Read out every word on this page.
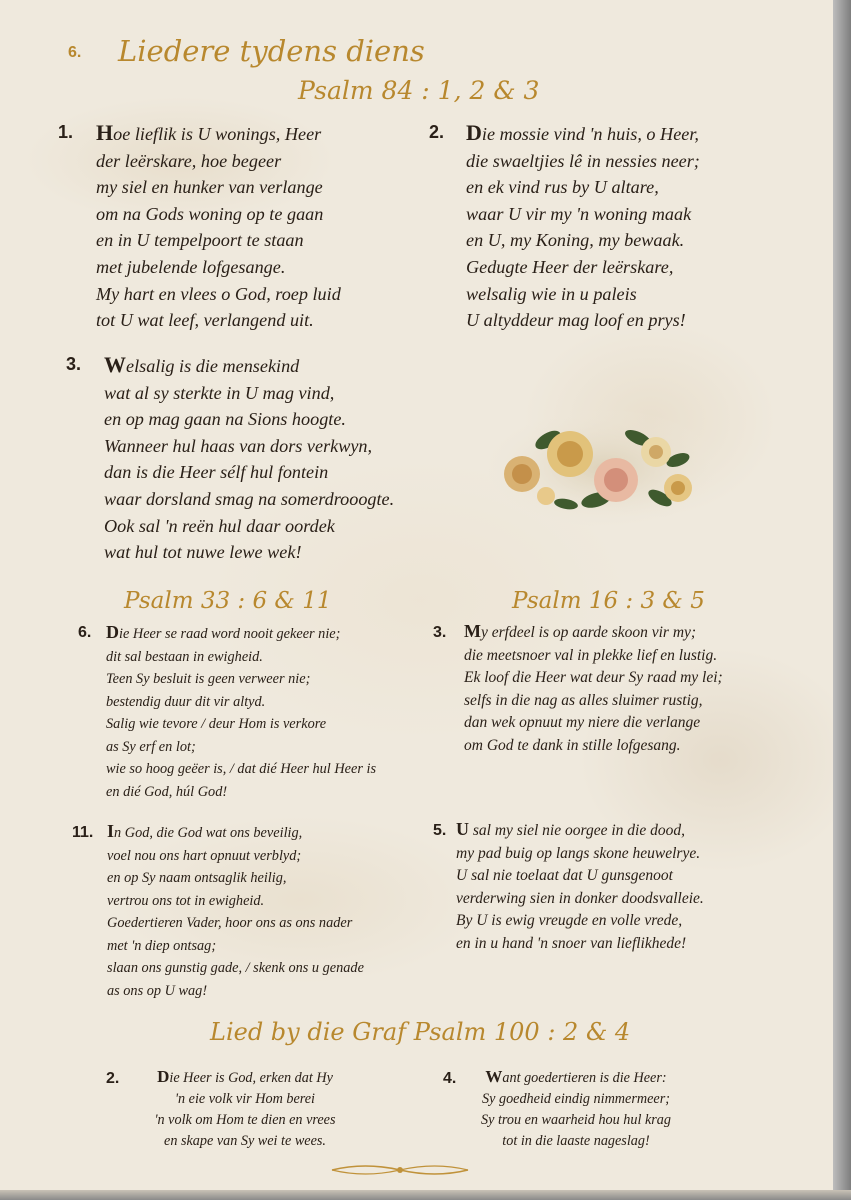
6. Liedere tydens diens
Psalm 84 : 1, 2 & 3
1. Hoe lieflik is U wonings, Heer
der leërskare, hoe begeer
my siel en hunker van verlange
om na Gods woning op te gaan
en in U tempelpoort te staan
met jubelende lofgesange.
My hart en vlees o God, roep luid
tot U wat leef, verlangend uit.
2. Die mossie vind 'n huis, o Heer,
die swaeltjies lê in nessies neer;
en ek vind rus by U altare,
waar U vir my 'n woning maak
en U, my Koning, my bewaak.
Gedugte Heer der leërskare,
welsalig wie in u paleis
U altyddeur mag loof en prys!
3. Welsalig is die mensekind
wat al sy sterkte in U mag vind,
en op mag gaan na Sions hoogte.
Wanneer hul haas van dors verkwyn,
dan is die Heer sélf hul fontein
waar dorsland smag na somerdrooogte.
Ook sal 'n reën hul daar oordek
wat hul tot nuwe lewe wek!
Psalm 33 : 6 & 11
6. Die Heer se raad word nooit gekeer nie;
dit sal bestaan in ewigheid.
Teen Sy besluit is geen verweer nie;
bestendig duur dit vir altyd.
Salig wie tevore / deur Hom is verkore
as Sy erf en lot;
wie so hoog geëer is, / dat dié Heer hul Heer is
en dié God, húl God!
11. In God, die God wat ons beveilig,
voel nou ons hart opnuut verblyd;
en op Sy naam ontsaglik heilig,
vertrou ons tot in ewigheid.
Goedertieren Vader, hoor ons as ons nader
met 'n diep ontsag;
slaan ons gunstig gade, / skenk ons u genade
as ons op U wag!
Psalm 16 : 3 & 5
3. My erfdeel is op aarde skoon vir my;
die meetsnoer val in plekke lief en lustig.
Ek loof die Heer wat deur Sy raad my lei;
selfs in die nag as alles sluimer rustig,
dan wek opnuut my niere die verlange
om God te dank in stille lofgesang.
5. U sal my siel nie oorgee in die dood,
my pad buig op langs skone heuwelrye.
U sal nie toelaat dat U gunsgenoot
verderwing sien in donker doodsvalleie.
By U is ewig vreugde en volle vrede,
en in u hand 'n snoer van lieflikhede!
Lied by die Graf Psalm 100 : 2 & 4
2.	Die Heer is God, erken dat Hy
'n eie volk vir Hom berei
'n volk om Hom te dien en vrees
en skape van Sy wei te wees.
4.	Want goedertieren is die Heer:
Sy goedheid eindig nimmermeer;
Sy trou en waarheid hou hul krag
tot in die laaste nageslag!
